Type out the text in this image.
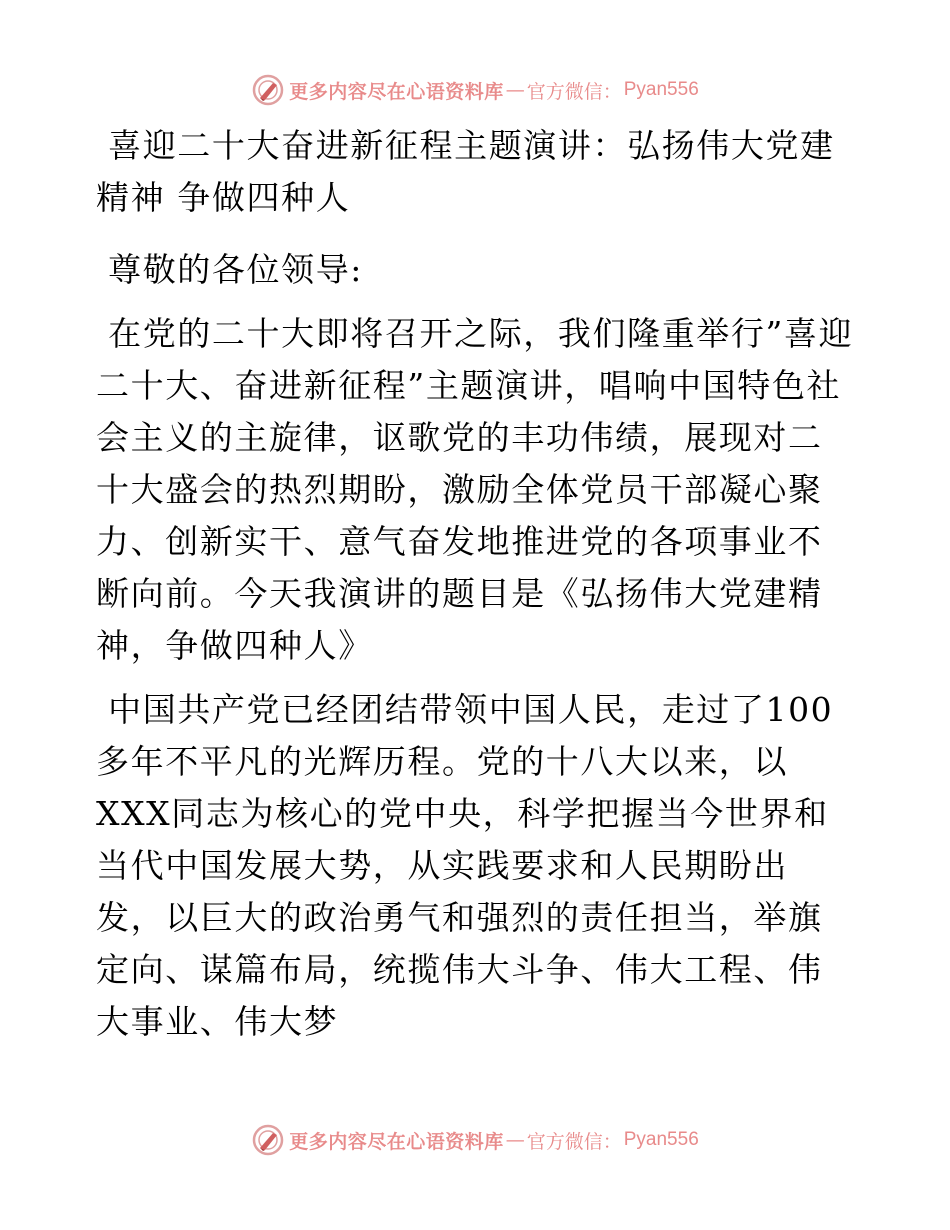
更多内容尽在心语资料库 — 官方微信： Pyan556

喜迎二十大奋进新征程主题演讲：弘扬伟大党建精神 争做四种人

尊敬的各位领导:

在党的二十大即将召开之际，我们隆重举行”喜迎二十大、奋进新征程”主题演讲，唱响中国特色社会主义的主旋律，讴歌党的丰功伟绩，展现对二十大盛会的热烈期盼，激励全体党员干部凝心聚力、创新实干、意气奋发地推进党的各项事业不断向前。今天我演讲的题目是《弘扬伟大党建精神，争做四种人》

中国共产党已经团结带领中国人民，走过了100多年不平凡的光辉历程。党的十八大以来，以XXX同志为核心的党中央，科学把握当今世界和当代中国发展大势，从实践要求和人民期盼出发，以巨大的政治勇气和强烈的责任担当，举旗定向、谋篇布局，统揽伟大斗争、伟大工程、伟大事业、伟大梦

更多内容尽在心语资料库 — 官方微信： Pyan556
